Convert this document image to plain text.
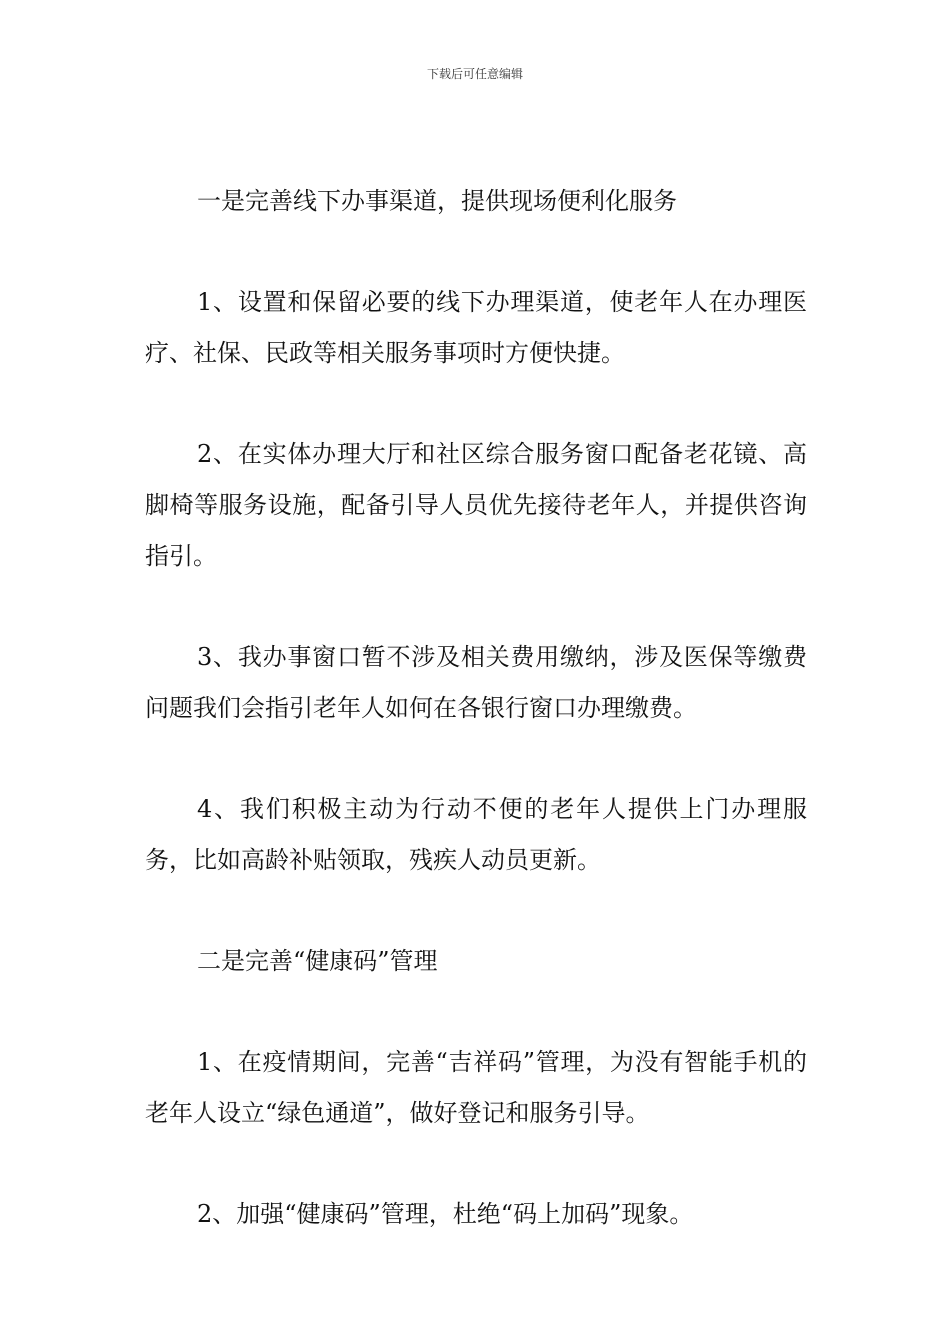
下载后可任意编辑

一是完善线下办事渠道，提供现场便利化服务

1、设置和保留必要的线下办理渠道，使老年人在办理医疗、社保、民政等相关服务事项时方便快捷。

2、在实体办理大厅和社区综合服务窗口配备老花镜、高脚椅等服务设施，配备引导人员优先接待老年人，并提供咨询指引。

3、我办事窗口暂不涉及相关费用缴纳，涉及医保等缴费问题我们会指引老年人如何在各银行窗口办理缴费。

4、我们积极主动为行动不便的老年人提供上门办理服务，比如高龄补贴领取，残疾人动员更新。

二是完善“健康码”管理

1、在疫情期间，完善“吉祥码”管理，为没有智能手机的老年人设立“绿色通道”，做好登记和服务引导。

2、加强“健康码”管理，杜绝“码上加码”现象。
